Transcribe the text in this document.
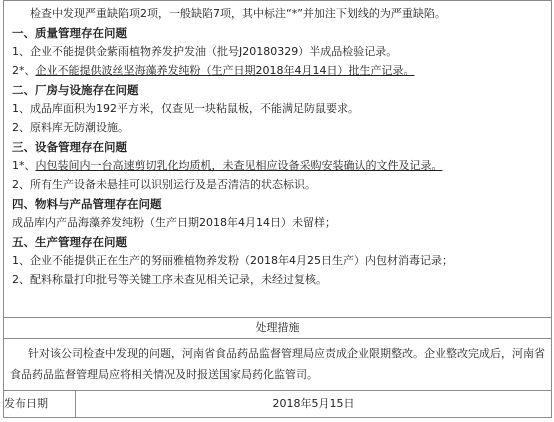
检查中发现严重缺陷项2项，一般缺陷7项，其中标注“*”并加注下划线的为严重缺陷。
一、质量管理存在问题
1、企业不能提供金紫雨植物养发护发油（批号J20180329）半成品检验记录。
2*、企业不能提供波丝坚海藻养发纯粉（生产日期2018年4月14日）批生产记录。
二、厂房与设施存在问题
1、成品库面积为192平方米，仅查见一块粘鼠板，不能满足防鼠要求。
2、原料库无防潮设施。
三、设备管理存在问题
1*、内包装间内一台高速剪切乳化均质机，未查见相应设备采购安装确认的文件及记录。
2、所有生产设备未悬挂可以识别运行及是否清洁的状态标识。
四、物料与产品管理存在问题
成品库内产品海藻养发纯粉（生产日期2018年4月14日）未留样；
五、生产管理存在问题
1、企业不能提供正在生产的努丽雅植物养发粉（2018年4月25日生产）内包材消毒记录；
2、配料称量打印批号等关键工序未查见相关记录，未经过复核。

处理措施

针对该公司检查中发现的问题，河南省食品药品监督管理局应责成企业限期整改。企业整改完成后，河南省食品药品监督管理局应将相关情况及时报送国家局药化监管司。

发布日期	2018年5月15日
